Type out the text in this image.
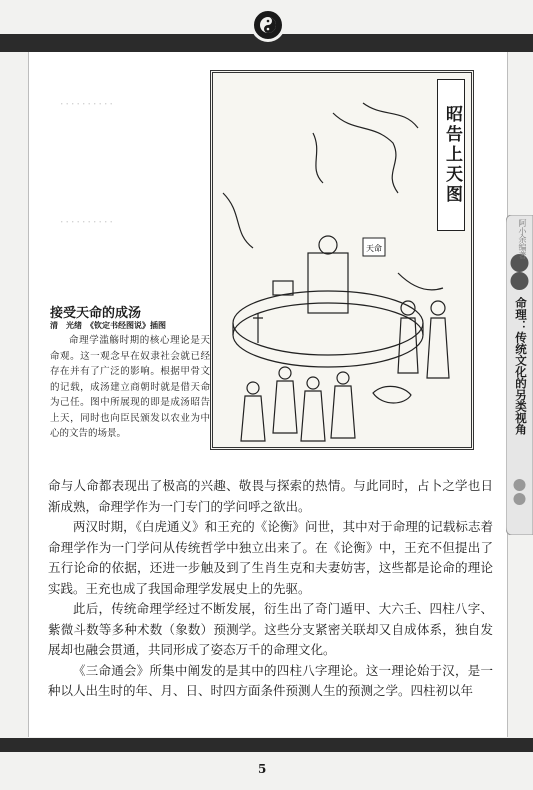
．．．．．．．．．．
．．．．．．．．．．
天命
昭告上天图
阿小余编著
命理：传统文化的另类视角
接受天命的成汤
清　光绪　《钦定书经图说》插图
命理学滥觞时期的核心理论是天命观。这一观念早在奴隶社会就已经存在并有了广泛的影响。根据甲骨文的记载，成汤建立商朝时就是借天命为己任。图中所展现的即是成汤昭告上天，同时也向臣民颁发以农业为中心的文告的场景。

命与人命都表现出了极高的兴趣、敬畏与探索的热情。与此同时，占卜之学也日渐成熟，命理学作为一门专门的学问呼之欲出。

两汉时期，《白虎通义》和王充的《论衡》问世，其中对于命理的记载标志着命理学作为一门学问从传统哲学中独立出来了。在《论衡》中，王充不但提出了五行论命的依据，还进一步触及到了生肖生克和夫妻妨害，这些都是论命的理论实践。王充也成了我国命理学发展史上的先驱。

此后，传统命理学经过不断发展，衍生出了奇门遁甲、大六壬、四柱八字、紫微斗数等多种术数（象数）预测学。这些分支紧密关联却又自成体系，独自发展却也融会贯通，共同形成了姿态万千的命理文化。

《三命通会》所集中阐发的是其中的四柱八字理论。这一理论始于汉，是一种以人出生时的年、月、日、时四方面条件预测人生的预测之学。四柱初以年

5
